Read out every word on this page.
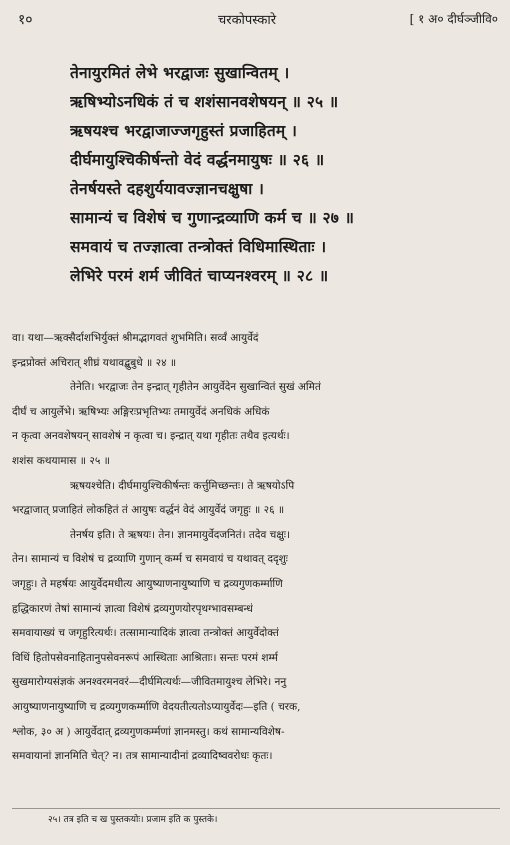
१०	चरकोपस्कारे	[ १ अ० दीर्घञ्जीवि०
तेनायुरमितं लेभे भरद्वाजः सुखान्वितम् ।
ऋषिभ्योऽनधिकं तं च शशंसानवशेषयन् ॥ २५ ॥
ऋषयश्च भरद्वाजाज्जगृहुस्तं प्रजाहितम् ।
दीर्घमायुश्चिकीर्षन्तो वेदं वर्द्धनमायुषः ॥ २६ ॥
तेनर्षयस्ते दहशुर्ययावज्ज्ञानचक्षुषा ।
सामान्यं च विशेषं च गुणान्द्रव्याणि कर्म च ॥ २७ ॥
समवायं च तज्ज्ञात्वा तन्त्रोक्तं विधिमास्थिताः ।
लेभिरे परमं शर्म जीवितं चाप्यनश्वरम् ॥ २८ ॥
वा। यथा—ऋक्सैर्दाशभिर्युक्तं श्रीमद्भागवतं शुभमिति। सर्व्वं आयुर्वेदं
इन्द्रप्रोक्तं अचिरात् शीघ्रं यथावद्बुबुधे ॥ २४ ॥
तेनेति। भरद्वाजः तेन इन्द्रात् गृहीतेन आयुर्वेदेन सुखान्वितं सुखं अमितं
दीर्घं च आयुर्लेभे। ऋषिभ्यः अङ्गिरःप्रभृतिभ्यः तमायुर्वेदं अनधिकं अधिकं
न कृत्वा अनवशेषयन् सावशेषं न कृत्वा च। इन्द्रात् यथा गृहीतः तथैव इत्यर्थः।
शशंस कथयामास ॥ २५ ॥
ऋषयश्चेति। दीर्घमायुश्चिकीर्षन्तः कर्त्तुमिच्छन्तः। ते ऋषयोऽपि
भरद्वाजात् प्रजाहितं लोकहितं तं आयुषः वर्द्धनं वेदं आयुर्वेदं जगृहुः ॥ २६ ॥
तेनर्षय इति। ते ऋषयः। तेन। ज्ञानमायुर्वेदजनितं। तदेव चक्षुः।
तेन। सामान्यं च विशेषं च द्रव्याणि गुणान् कर्म्म च समवायं च यथावत् ददृशुः
जगृहुः। ते महर्षयः आयुर्वेदमधीत्य आयुष्याणनायुष्याणि च द्रव्यगुणकर्म्माणि
हृद्धिकारणं तेषां सामान्यं ज्ञात्वा विशेषं द्रव्यगुणयोरपृथग्भावसम्बन्धं
समवायाख्यं च जगृहुरित्यर्थः। तत्सामान्यादिकं ज्ञात्वा तन्त्रोक्तं आयुर्वेदोक्तं
विधिं हितोपसेवनाहितानुपसेवनरूपं आस्थिताः आश्रिताः। सन्तः परमं शर्म्म
सुखमारोग्यसंज्ञकं अनश्वरमनवरं—दीर्घमित्यर्थः—जीवितमायुश्च लेभिरे। ननु
आयुष्याणनायुष्याणि च द्रव्यगुणकर्म्माणि वेदयतीत्यतोऽप्यायुर्वेदः—इति ( चरक,
श्लोक, ३० अ ) आयुर्वेदात् द्रव्यगुणकर्म्मणां ज्ञानमस्तु। कथं सामान्यविशेष-
समवायानां ज्ञानमिति चेत्? न। तत्र सामान्यादीनां द्रव्यादिष्ववरोधः कृतः।
२५। तत्र इति च ख पुस्तकयोः। प्रजाम इति क पुस्तके।
